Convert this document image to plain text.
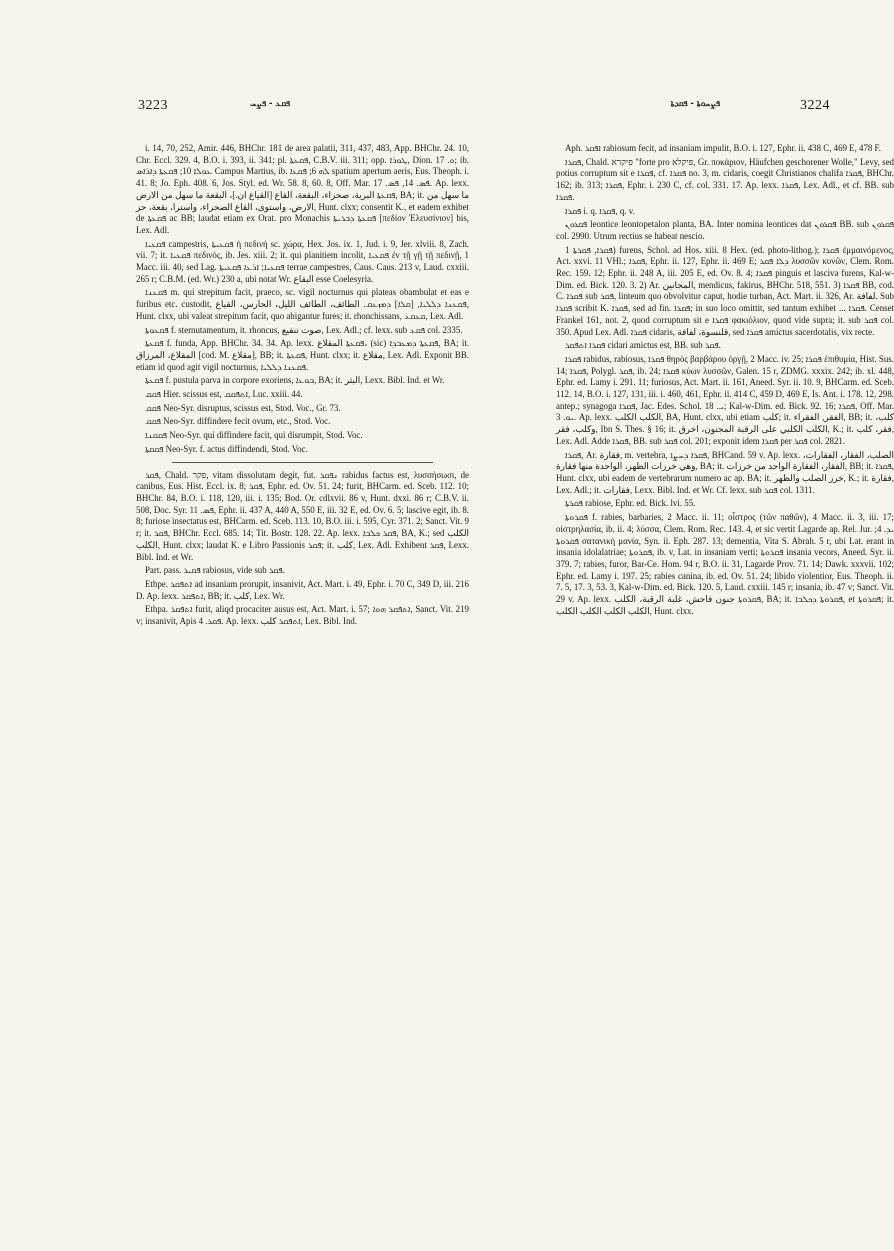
3223	ܦܩܥ - ܦܨܚ	ܦܨܚܘܬܐ - ܦܩܕܬܐ	3224

i. 14, 70, 252, Amir. 446, BHChr. 181 de area palatii, 311, 437, 483, App. BHChr. 24. 10, Chr. Eccl. 329. 4, B.O. i. 393, ii. 341; pl. ܦܩܥܬܐ, C.B.V. iii. 311; opp. ܛܘܪܐ, Dion. ܘ. 17; ib. ܥܘܠܐ 10; ܦܩܥܬܐ ܕܐܪܐܣ Campus Martius, ib. ܠܗ 6; ܦܩܥܐ spatium apertum aeris, Eus. Theoph. i. 41. 8; Jo. Eph. 408. 6, Jos. Styl. ed. Wr. 58. 8, 60. 8, Off. Mar. ܦܣ. 14, ܦܣ. 17. Ap. lexx. ܦܩܥܬܐ البرية، صحراء، البقعة، القاع [القياع ان.]، البقعة ما سهل من الارض, BA; it. ما سهل من الارض، واستوى، القاع الصحراء، واسترا، بقعة، حز, Hunt. clxx; consentit K., et eadem exhibet de ܦܩܥܬܐ ac BB; laudat etiam ex Orat. pro Monachis ܦܩܥܬܐ ܕܒܪܝܬܐ [πεδίον Ἐλευσίνιον] bis, Lex. Adl.

ܦܩܥܝܐ campestris, ܦܩܥܝܬܐ ἡ πεδινή sc. χώρα, Hex. Jos. ix. 1, Jud. i. 9, Jer. xlviii. 8, Zach. vii. 7; it. ܦܩܥܝܐ πεδινός, ib. Jes. xiii. 2; it. qui planitiem incolit, ܦܩܥܝܐ ἐν τῇ γῇ τῇ πεδινῇ, 1 Macc. iii. 40, sed Lag. ܦܩܥܝܐ; ܐܪܥܐ ܦܩܥܝܬܐ terrae campestres, Caus. Caus. 213 v, Laud. cxxiii. 265 r; C.B.M. (ed. Wr.) 230 a, ubi notat Wr. البقاع esse Coelesyria.

ܦܩܥܢܐ m. qui strepitum facit, praeco, sc. vigil nocturnus qui plateas obambulat et eas e furibus etc. custodit, ܦܩܥܢܐ ܕܠܠܝܐ, [ܩܠܐ] ܕܡܙܥܩ. الطائف، الطائف الليل، الحارس، القياع, Hunt. clxx, ubi valeat strepitum facit, quo abigantur fures; it. rhonchissans, ܩܥܩܥ, Lex. Adl.

ܦܩܥܘܬܐ f. sternutamentum, it. rhoncus, صوت تنقيع, Lex. Adl.; cf. lexx. sub ܦܩܥ col. 2335.

ܦܩܥܬܐ f. funda, App. BHChr. 34. 34. Ap. lexx. ܦܩܥܬܐ المقلاع، (sic) ܦܩܥܬܐ ܕܡܥܒܕܐ, BA; it. المقلاع، المرزاق [cod. M. مقلاع], BB; it. ܦܩܥܬܐ, Hunt. clxx; it. مقلاع, Lex. Adl. Exponit BB. etiam id quod agit vigil nocturnus, ܦܩܥܢܐ ܕܠܠܝܐ.

ܦܩܥܬܐ f. pustula parva in corpore exoriens, ܒܘܥܐ, BA; it. البثر, Lexx. Bibl. Ind. et Wr.

ܦܩܩ Hier. scissus est, ܐܬܦܩܩ, Luc. xxiii. 44.

ܦܩܩ Neo-Syr. disruptus, scissus est, Stod. Voc., Gr. 73.

ܦܩܩ Neo-Syr. diffindere fecit ovum, etc., Stod. Voc.

ܦܩܩܢܐ Neo-Syr. qui diffindere facit, qui disrumpit, Stod. Voc.

ܦܩܩܬܐ Neo-Syr. f. actus diffindendi, Stod. Voc.

ܦܩܪ, Chald. פקר, vitam dissolutam degit, fut. ܢܦܩܪ rabidus factus est, λυσσήσωσι, de canibus, Eus. Hist. Eccl. ix. 8; ܦܩܪ, Ephr. ed. Ov. 51. 24; furit, BHCarm. ed. Sceb. 112. 10; BHChr. 84, B.O. i. 118, 120, iii. i. 135; Bod. Or. cdlxvii. 86 v, Hunt. dxxi. 86 r; C.B.V. ii. 508, Doc. Syr. ܦܣ. 11, Ephr. ii. 437 A, 440 A, 550 E, iii. 32 E, ed. Ov. 6. 5; lascive egit, ib. 8. 8; furiose insectatus est, BHCarm. ed. Sceb. 113. 10, B.O. iii. i. 595, Cyr. 371. 2; Sanct. Vit. 9 r; it. ܦܩܪ, BHChr. Eccl. 685. 14; Tit. Bostr. 128. 22. Ap. lexx. ܦܩܪ ܟܠܒܐ, BA, K.; sed الكلب الكلب, Hunt. clxx; laudat K. e Libro Passionis ܦܩܪ; it. كلب, Lex. Adl. Exhibent ܦܩܪ, Lexx. Bibl. Ind. et Wr.

Part. pass. ܦܩܝܪ rabiosus, vide sub ܦܩܪ.

Ethpe. ܐܬܦܩܪ ad insaniam prorupit, insanivit, Act. Mart. i. 49, Ephr. i. 70 C, 349 D, iii. 216 D. Ap. lexx. ܐܬܦܩܪ, BB; it. كلب, Lex. Wr.

Ethpa. ܐܬܦܩܪ furit, aliqd procaciter ausus est, Act. Mart. i. 57; ܐܬܦܩܪ ܗܘܐ, Sanct. Vit. 219 v; insanivit, Apis ܦܩܪ. 4. Ap. lexx. ܐܬܦܩܪ كلب, Lex. Bibl. Ind.

Aph. ܐܦܩܪ rabiosum fecit, ad insaniam impulit, B.O. i. 127, Ephr. ii. 438 C, 469 E, 478 F.

ܦܩܪܐ, Chald. פּיקרא "forte pro פּיקלא, Gr. ποκάριον, Häufchen geschorener Wolle," Levy, sed potius corruptum sit e ܦܩܪܐ, cf. ܦܩܪܐ no. 3, m. cidaris, coegit Christianos chalifa ܦܩܪܐ, BHChr. 162; ib. 313; ܦܩܪܐ, Ephr. i. 230 C, cf. col. 331. 17. Ap. lexx. ܦܩܪܐ, Lex. Adl., et cf. BB. sub ܦܩܪܐ.

ܦܩܪܐ i. q. ܦܩܪܐ, q. v.

ܦܩܪܘܢ leontice leontopetalon planta, BA. Inter nomina leontices dat ܦܩܪܘܢ BB. sub ܦܩܪܘܢ col. 2990. Utrum rectius se habeat nescio.

ܦܩܪܐ, ܦܩܪܬܐ 1) furens, Schol. ad Hos. xiii. 8 Hex. (ed. photo-lithog.); ܦܩܪܐ ἐμμαινόμενος, Act. xxvi. 11 VHl.; ܦܩܪܐ, Ephr. ii. 127, Ephr. ii. 469 E; ܕܠܐ ܦܩܪ λυσσῶν κυνῶν, Clem. Rom. Rec. 159. 12; Ephr. ii. 248 A, iii. 205 E, ed. Ov. 8. 4; ܦܩܪܐ pinguis et lasciva furens, Kal-w-Dim. ed. Bick. 120. 3. 2) Ar. المجانين, mendicus, fakirus, BHChr. 518, 551. 3) ܦܩܪܐ BB, cod. C. ܦܩܪܐ sub ܦܩܪ, linteum quo obvolvitur caput, hodie turban, Act. Mart. ii. 326, Ar. لفافة. Sub ܦܩܪܐ scribit K. ܦܩܪܐ, sed ad fin. ܦܩܪܐ; in suo loco omittit, sed tantum exhibet ... ܦܩܪܐ. Censet Frankel 161, not. 2, quod corruptum sit e ܦܩܪܐ φακιόλιον, quod vide supra; it. sub ܦܩܪ col. 350. Apud Lex. Adl. ܦܩܪܐ cidaris, قلنسوة، لفافة, sed ܦܩܪܐ amictus sacerdotalis, vix recte.

ܦܩܪܐ ܐܬܦܩܪ cidari amictus est, BB. sub ܦܩܪ.

ܦܩܪܐ rabidus, rabiosus, ܦܩܪܐ θηρὸς βαρβάρου ὀργῇ, 2 Macc. iv. 25; ܦܩܪܐ ἐπιθυμία, Hist. Sus. 14; ܦܩܪܐ, Polygl. ܦܩܪ, ib. 24; ܦܩܪܐ κύων λυσσῶν, Galen. 15 r, ZDMG. xxxix. 242; ib. xl. 448, Ephr. ed. Lamy i. 291. 11; furiosus, Act. Mart. ii. 161, Aneed. Syr. ii. 10. 9, BHCarm. ed. Sceb. 112. 14, B.O. i. 127, 131, iii. i. 460, 461, Ephr. ii. 414 C, 459 D, 469 E, Is. Ant. i. 178. 12, 298. antep.; synagoga ܦܩܪܐ, Jac. Edes. Schol. ܝ. 18; Kal-w-Dim. ed. Bick. 92. 16; ܦܩܪܐ, Off. Mar. ܝܘ. 3. Ap. lexx. الكلب الكلب, BA, Hunt. clxx, ubi etiam كلب; it. الفقر, الفقراء, BB; it. كلب، وكلب، فقر, Ibn S. Thes. § 16; it. الكلب الكلبي على الرقبة المجنون، اخرق, K.; it. فقر، كلب, Lex. Adl. Adde ܦܩܪܐ, BB. sub ܦܩܪ col. 201; exponit idem ܦܩܪܐ per ܦܩܪ col. 2821.

ܦܩܪܐ, Ar. فقارة, m. vertebra, ܦܩܪܐ ܕܚܨܐ, BHCand. 59 v. Ap. lexx. الصلب، الفقار، الفقارات، وهي خرزات الظهر، الواحدة منها فقارة, BA; it. الفقار، الفقارة الواحد من خرزات, BB; it. ܦܩܪܐ, Hunt. clxx, ubi eadem de vertebrarum numero ac ap. BA; it. خرز الصلب والظهر, K.; it. فقارة, Lex. Adl.; it. فقارات, Lexx. Bibl. Ind. et Wr. Cf. lexx. sub ܦܩܪ col. 1311.

ܦܩܪܬܐ rabiose, Ephr. ed. Bick. lvi. 55.

ܦܩܪܘܬܐ f. rabies, barbaries, 2 Macc. ii. 11; οἶστρος (τῶν παθῶν), 4 Macc. ii. 3, iii. 17; οἰστρηλασία, ib. ii. 4; λύσσα, Clem. Rom. Rec. 143. 4, et sic vertit Lagarde ap. Rel. Jur. ܝܕ. 4; ܦܩܪܘܬܐ σατανικὴ μανία, Syn. ii. Eph. 287. 13; dementia, Vita S. Abrah. 5 r, ubi Lat. erant in insania idolalatriae; ܦܩܪܘܬܐ, ib. v, Lat. in insaniam verti; ܦܩܪܘܬܐ insania vecors, Aneed. Syr. ii. 379. 7; rabies, furor, Bar-Ce. Hom. 94 r, B.O. ii. 31, Lagarde Prov. 71. 14; Dawk. xxxvii. 102; Ephr. ed. Lamy i. 197. 25; rabies canina, ib. ed. Ov. 51. 24; libido violentior, Eus. Theoph. ii. 7. 5, 17. 3, 53. 3, Kal-w-Dim. ed. Bick. 120. 5, Laud. cxxiii. 145 r; insania, ib. 47 v; Sanct. Vit. 29 v. Ap. lexx. ܦܩܪܘܬܐ جنون فاحش، غلبة الرقبة، الكلب, BA; it. ܦܩܪܘܬܐ ܕܟܠܒܐ, et ܦܩܪܘܬܐ; it. الكلب الكلب الكلب الكلب, Hunt. clxx.
